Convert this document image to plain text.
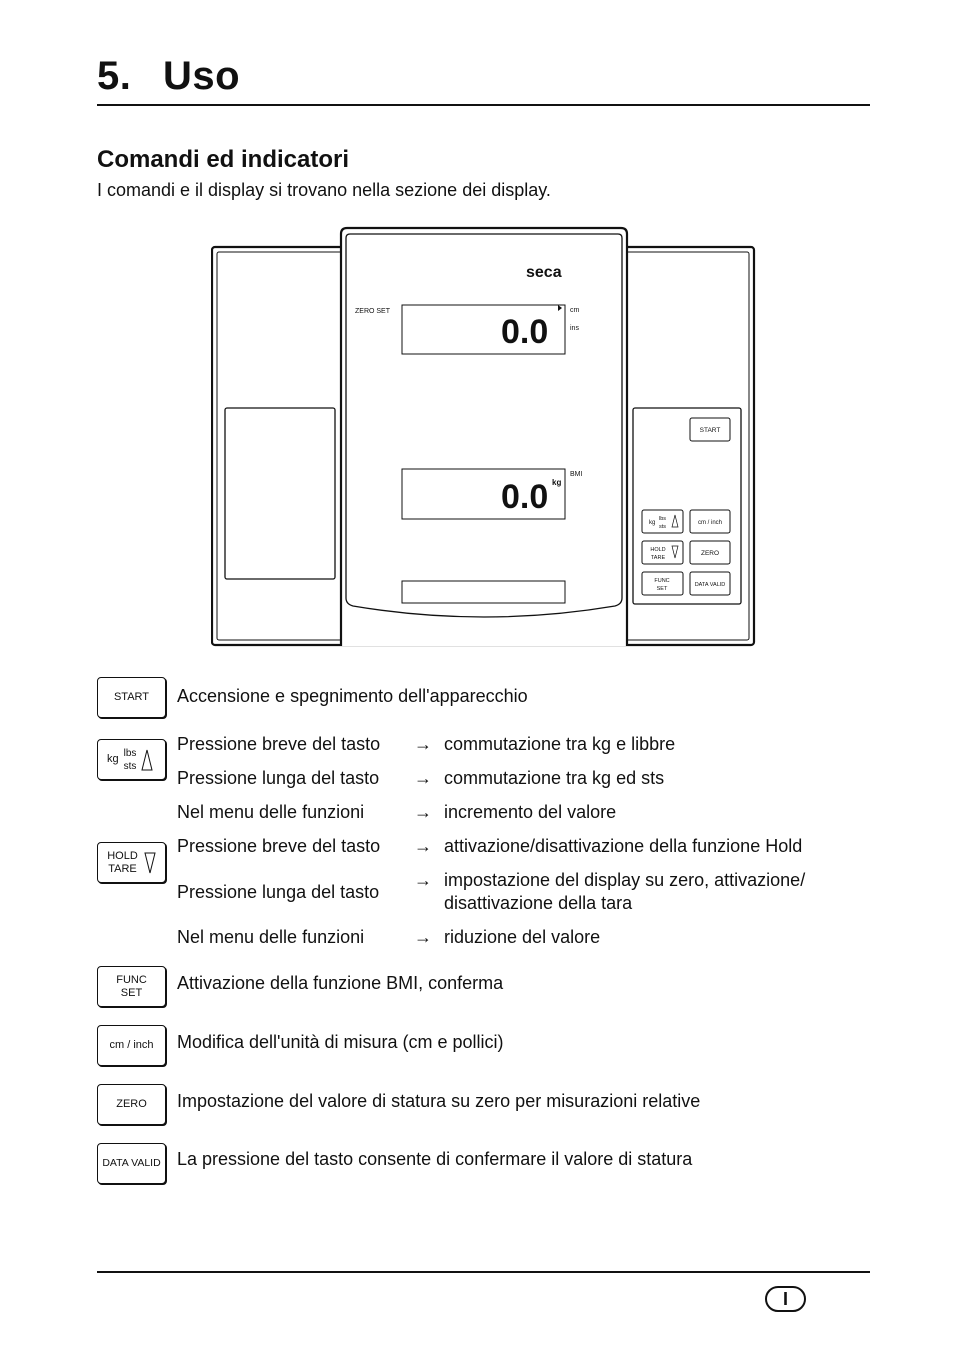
5. Uso
Comandi ed indicatori
I comandi e il display si trovano nella sezione dei display.
seca
ZERO SET
0.0
cm
ins
0.0 kg
BMI
START
kg
lbs
sts
cm / inch
HOLD
TARE
ZERO
FUNC
SET
DATA VALID
START Accensione e spegnimento dell'apparecchio
kg lbs
sts
Pressione breve del tasto → commutazione tra kg e libbre
Pressione lunga del tasto → commutazione tra kg ed sts
Nel menu delle funzioni	→ incremento del valore
HOLD
TARE
Pressione breve del tasto → attivazione/disattivazione della funzione Hold
Pressione lunga del tasto
→ impostazione del display su zero, attivazione/
disattivazione della tara
Nel menu delle funzioni	→ riduzione del valore
FUNC
SET Attivazione della funzione BMI, conferma
cm / inch Modifica dell'unità di misura (cm e pollici)
ZERO Impostazione del valore di statura su zero per misurazioni relative
DATA VALID La pressione del tasto consente di confermare il valore di statura
I
